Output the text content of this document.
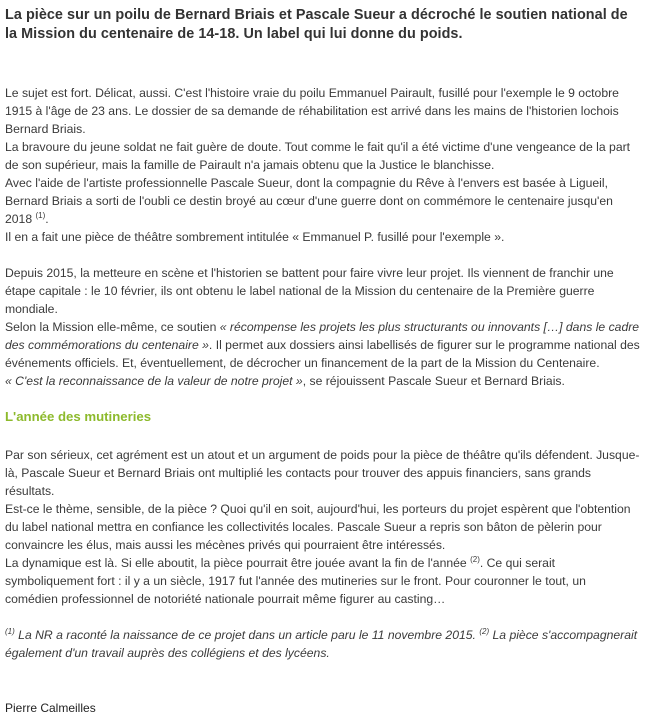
La pièce sur un poilu de Bernard Briais et Pascale Sueur a décroché le soutien national de la Mission du centenaire de 14-18. Un label qui lui donne du poids.

Le sujet est fort. Délicat, aussi. C'est l'histoire vraie du poilu Emmanuel Pairault, fusillé pour l'exemple le 9 octobre 1915 à l'âge de 23 ans. Le dossier de sa demande de réhabilitation est arrivé dans les mains de l'historien lochois Bernard Briais.

La bravoure du jeune soldat ne fait guère de doute. Tout comme le fait qu'il a été victime d'une vengeance de la part de son supérieur, mais la famille de Pairault n'a jamais obtenu que la Justice le blanchisse.

Avec l'aide de l'artiste professionnelle Pascale Sueur, dont la compagnie du Rêve à l'envers est basée à Ligueil, Bernard Briais a sorti de l'oubli ce destin broyé au cœur d'une guerre dont on commémore le centenaire jusqu'en 2018 $^{(1)}$.

Il en a fait une pièce de théâtre sombrement intitulée « Emmanuel P. fusillé pour l'exemple ».

Depuis 2015, la metteure en scène et l'historien se battent pour faire vivre leur projet. Ils viennent de franchir une étape capitale : le 10 février, ils ont obtenu le label national de la Mission du centenaire de la Première guerre mondiale.

Selon la Mission elle-même, ce soutien « récompense les projets les plus structurants ou innovants […] dans le cadre des commémorations du centenaire ». Il permet aux dossiers ainsi labellisés de figurer sur le programme national des événements officiels. Et, éventuellement, de décrocher un financement de la part de la Mission du Centenaire.

« C'est la reconnaissance de la valeur de notre projet », se réjouissent Pascale Sueur et Bernard Briais.

L'année des mutineries

Par son sérieux, cet agrément est un atout et un argument de poids pour la pièce de théâtre qu'ils défendent. Jusque-là, Pascale Sueur et Bernard Briais ont multiplié les contacts pour trouver des appuis financiers, sans grands résultats.

Est-ce le thème, sensible, de la pièce ? Quoi qu'il en soit, aujourd'hui, les porteurs du projet espèrent que l'obtention du label national mettra en confiance les collectivités locales. Pascale Sueur a repris son bâton de pèlerin pour convaincre les élus, mais aussi les mécènes privés qui pourraient être intéressés.

La dynamique est là. Si elle aboutit, la pièce pourrait être jouée avant la fin de l'année $^{(2)}$. Ce qui serait symboliquement fort : il y a un siècle, 1917 fut l'année des mutineries sur le front. Pour couronner le tout, un comédien professionnel de notoriété nationale pourrait même figurer au casting…

$^{(1)}$ La NR a raconté la naissance de ce projet dans un article paru le 11 novembre 2015. $^{(2)}$ La pièce s'accompagnerait également d'un travail auprès des collégiens et des lycéens.

Pierre Calmeilles
